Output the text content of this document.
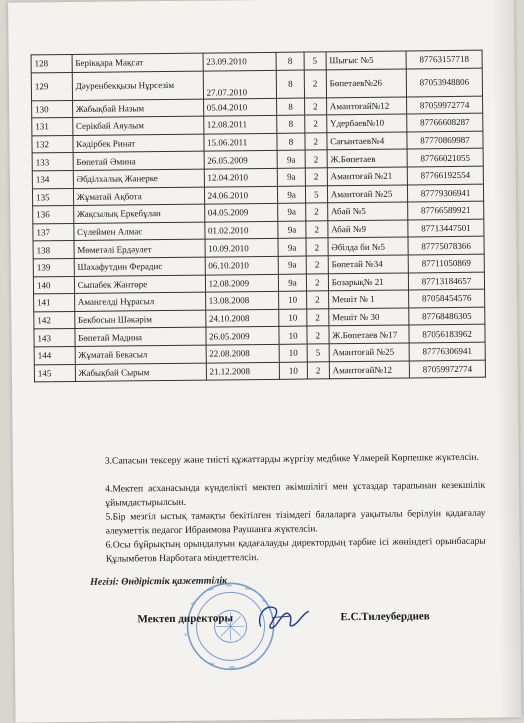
128	Берікқара Мақсат	23.09.2010	8	5	Шығыс №5	87763157718
129	Дәуренбекқызы Нұрсезім	27.07.2010	8	2	Бөпетаев№26	87053948806
130	Жабықбай Назым	05.04.2010	8	2	Амантоғай№12	87059972774
131	Серікбай Аяулым	12.08.2011	8	2	Үдербаев№10	87766608287
132	Кәдірбек Ринат	15.06.2011	8	2	Сағынтаев№4	87770869987
133	Бөпетай Әмина	26.05.2009	9а	2	Ж.Бөпетаев	87766021055
134	Әбділхалық Жанерке	12.04.2010	9а	2	Амантоғай №21	87766192554
135	Жұматай Ақбота	24.06.2010	9а	5	Амантоғай №25	87779306941
136	Жақсылық Еркебұлан	04.05.2009	9а	2	Абай №5	87766589921
137	Сүлеймен Алмас	01.02.2010	9а	2	Абай №9	87713447501
138	Мөметәлі Ердәулет	10.09.2010	9а	2	Әбілда би №5	87775078366
139	Шахафутдин Ферадис	06.10.2010	9а	2	Бөпетай №34	87711050869
140	Сыпабек Жантөре	12.08.2009	9а	2	Бозарық№ 21	87713184657
141	Амангелді Нұрасыл	13.08.2008	10	2	Мешіт № 1	87058454576
142	Бекбосын Шәкәрім	24.10.2008	10	2	Мешіт № 30	87768486305
143	Бөпетай Мадина	26.05.2009	10	2	Ж.Бөпетаев №17	87056183962
144	Жұматай Бекасыл	22.08.2008	10	5	Амантоғай №25	87776306941
145	Жабықбай Сырым	21.12.2008	10	2	Амантоғай№12	87059972774
3.Сапасын тексеру және тиісті құжаттарды жүргізу медбике Ұлмерей Көрпешке жүктелсін.
4.Мектеп асханасында күнделікті мектеп әкімшілігі мен ұстаздар тарапынан кезекшілік ұйымдастырылсын.
5.Бір мезгіл ыстық тамақты бекітілген тізімдегі балаларға уақытылы берілуін қадағалау әлеуметтік педагог Ибраимова Раушанға жүктелсін.
6.Осы бұйрықтың орындалуын қадағалауды директордың тәрбие ісі жөніндегі орынбасары Құлымбетов Нарботаға міндеттелсін.
Негізі: Өндірістік қажеттілік
Мектеп директоры	Е.С.Тилеубердиев
